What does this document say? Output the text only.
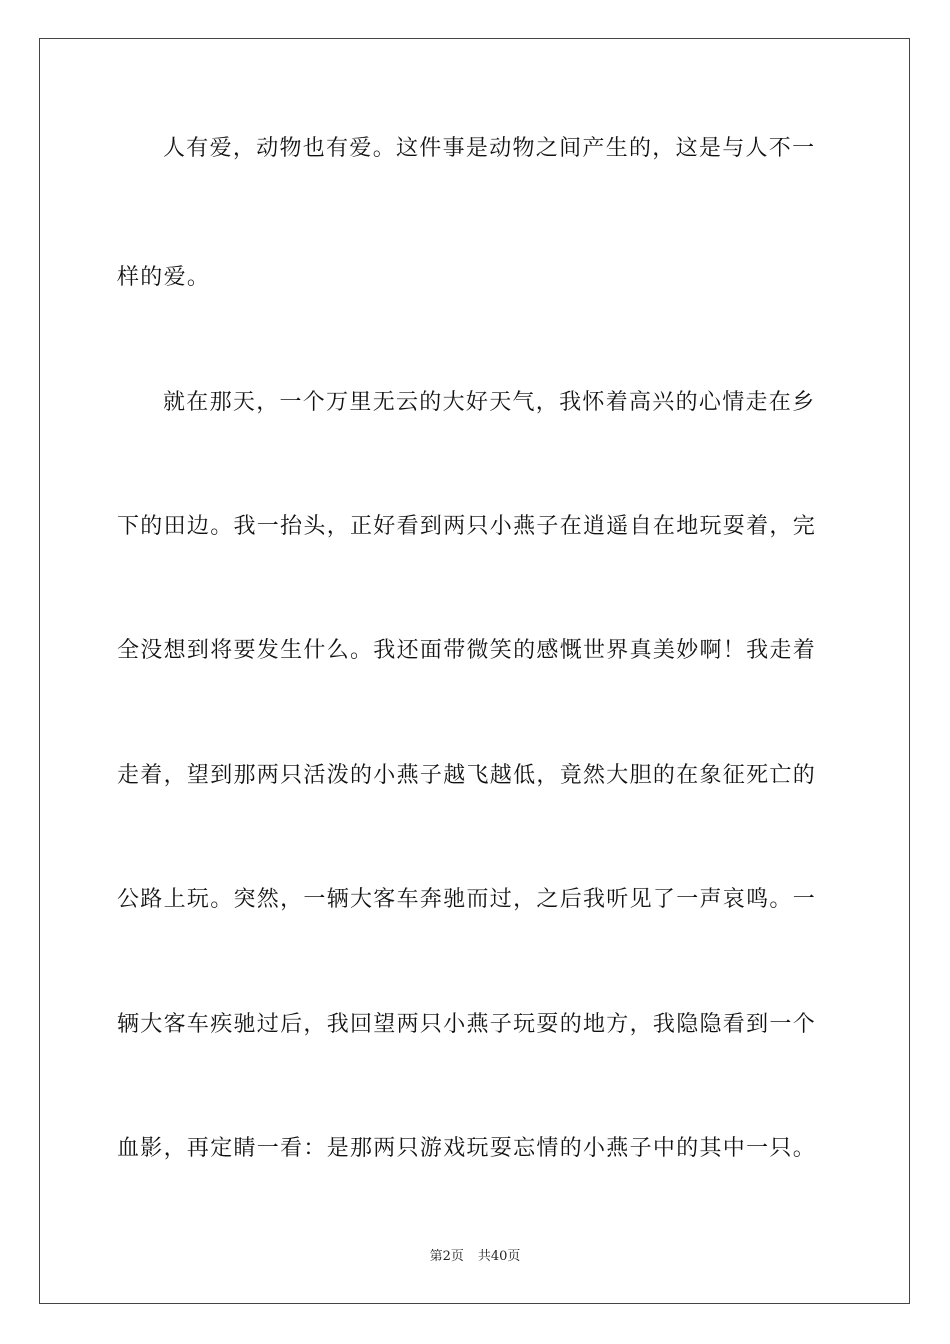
人有爱，动物也有爱。这件事是动物之间产生的，这是与人不一
样的爱。
就在那天，一个万里无云的大好天气，我怀着高兴的心情走在乡
下的田边。我一抬头，正好看到两只小燕子在逍遥自在地玩耍着，完
全没想到将要发生什么。我还面带微笑的感慨世界真美妙啊！我走着
走着，望到那两只活泼的小燕子越飞越低，竟然大胆的在象征死亡的
公路上玩。突然，一辆大客车奔驰而过，之后我听见了一声哀鸣。一
辆大客车疾驰过后，我回望两只小燕子玩耍的地方，我隐隐看到一个
血影，再定睛一看：是那两只游戏玩耍忘情的小燕子中的其中一只。
第2页 共40页
